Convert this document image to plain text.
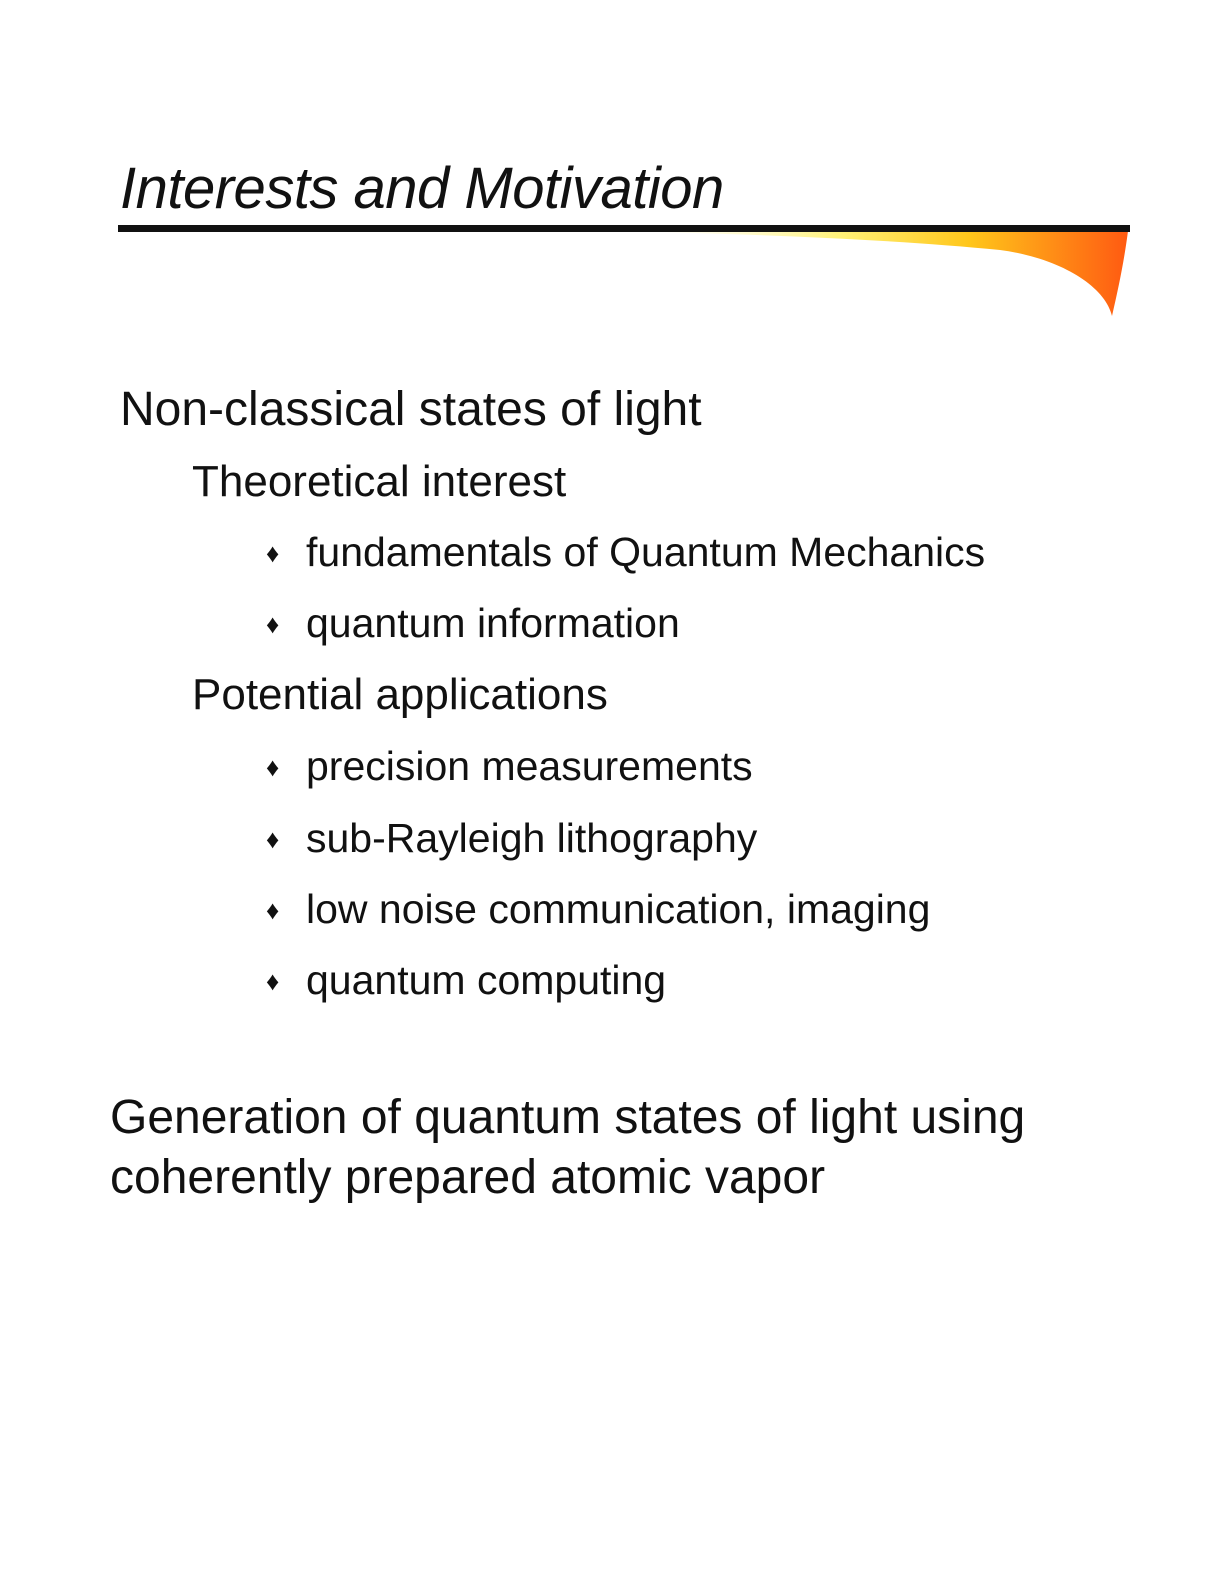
Interests and Motivation

Non-classical states of light

Theoretical interest

♦ fundamentals of Quantum Mechanics

♦ quantum information

Potential applications

♦ precision measurements

♦ sub-Rayleigh lithography

♦ low noise communication, imaging

♦ quantum computing

Generation of quantum states of light using
coherently prepared atomic vapor
